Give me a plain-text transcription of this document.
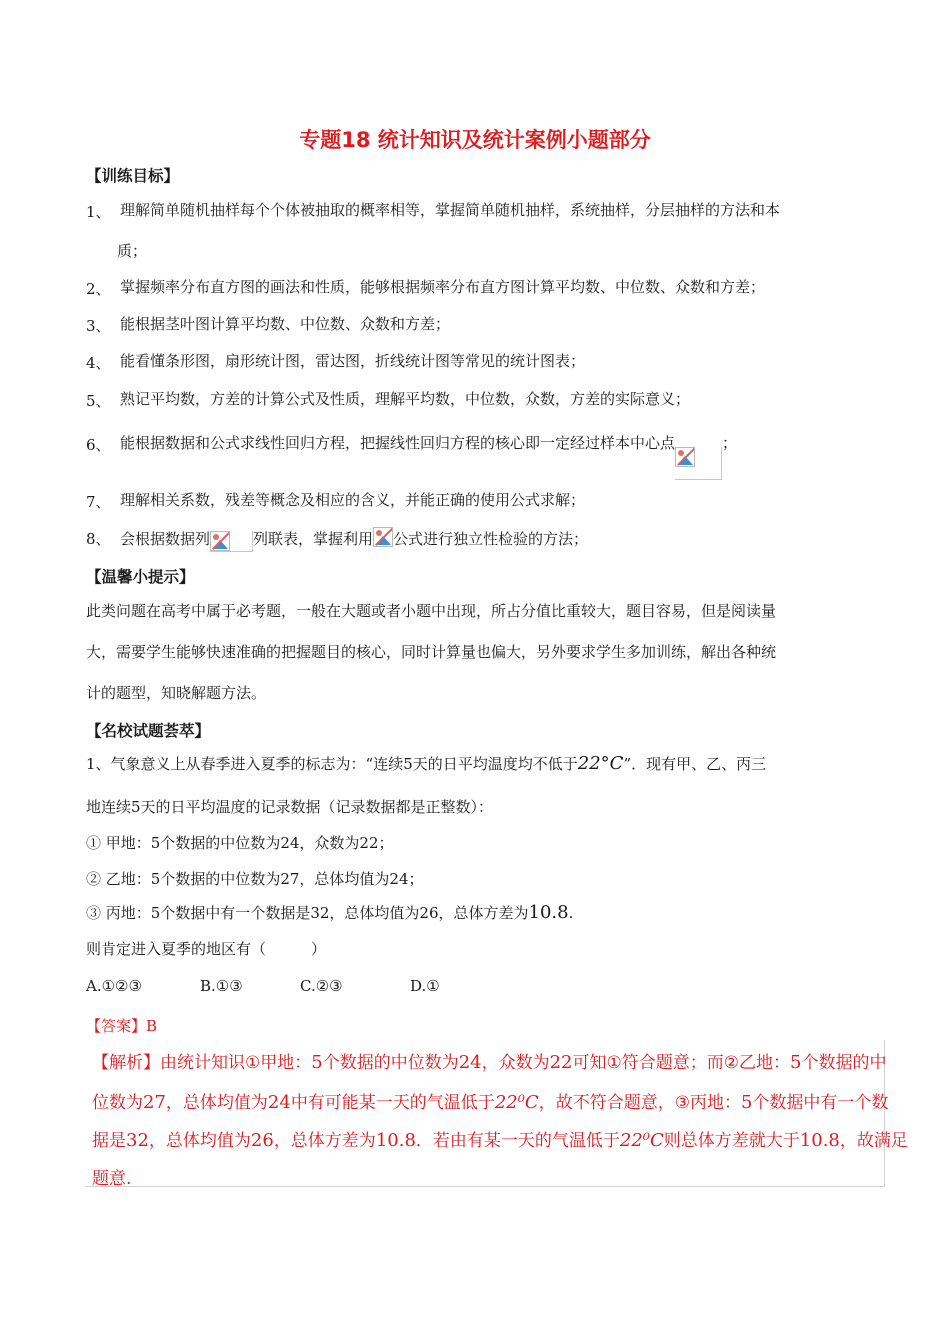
专题18 统计知识及统计案例小题部分
【训练目标】
1、 理解简单随机抽样每个个体被抽取的概率相等，掌握简单随机抽样，系统抽样，分层抽样的方法和本
质；
2、 掌握频率分布直方图的画法和性质，能够根据频率分布直方图计算平均数、中位数、众数和方差；
3、 能根据茎叶图计算平均数、中位数、众数和方差；
4、 能看懂条形图，扇形统计图，雷达图，折线统计图等常见的统计图表；
5、 熟记平均数，方差的计算公式及性质，理解平均数，中位数，众数，方差的实际意义；
6、 能根据数据和公式求线性回归方程，把握线性回归方程的核心即一定经过样本中心点	；
7、 理解相关系数，残差等概念及相应的含义，并能正确的使用公式求解；
8、 会根据数据列	列联表，掌握利用 公式进行独立性检验的方法；
【温馨小提示】
此类问题在高考中属于必考题，一般在大题或者小题中出现，所占分值比重较大，题目容易，但是阅读量
大，需要学生能够快速准确的把握题目的核心，同时计算量也偏大，另外要求学生多加训练，解出各种统
计的题型，知晓解题方法。
【名校试题荟萃】
1、气象意义上从春季进入夏季的标志为：“连续5天的日平均温度均不低于22°C”．现有甲、乙、丙三
地连续5天的日平均温度的记录数据（记录数据都是正整数）：
① 甲地：5个数据的中位数为24，众数为22；
② 乙地：5个数据的中位数为27，总体均值为24；
③ 丙地：5个数据中有一个数据是32，总体均值为26，总体方差为10.8.
则肯定进入夏季的地区有（　　　）
A.①②③	B.①③	C.②③	D.①
【答案】B
【解析】由统计知识①甲地：5个数据的中位数为24，众数为22可知①符合题意；而②乙地：5个数据的中
位数为27，总体均值为24中有可能某一天的气温低于22⁰C，故不符合题意，③丙地：5个数据中有一个数
据是32，总体均值为26，总体方差为10.8．若由有某一天的气温低于22⁰C则总体方差就大于10.8，故满足
题意.
